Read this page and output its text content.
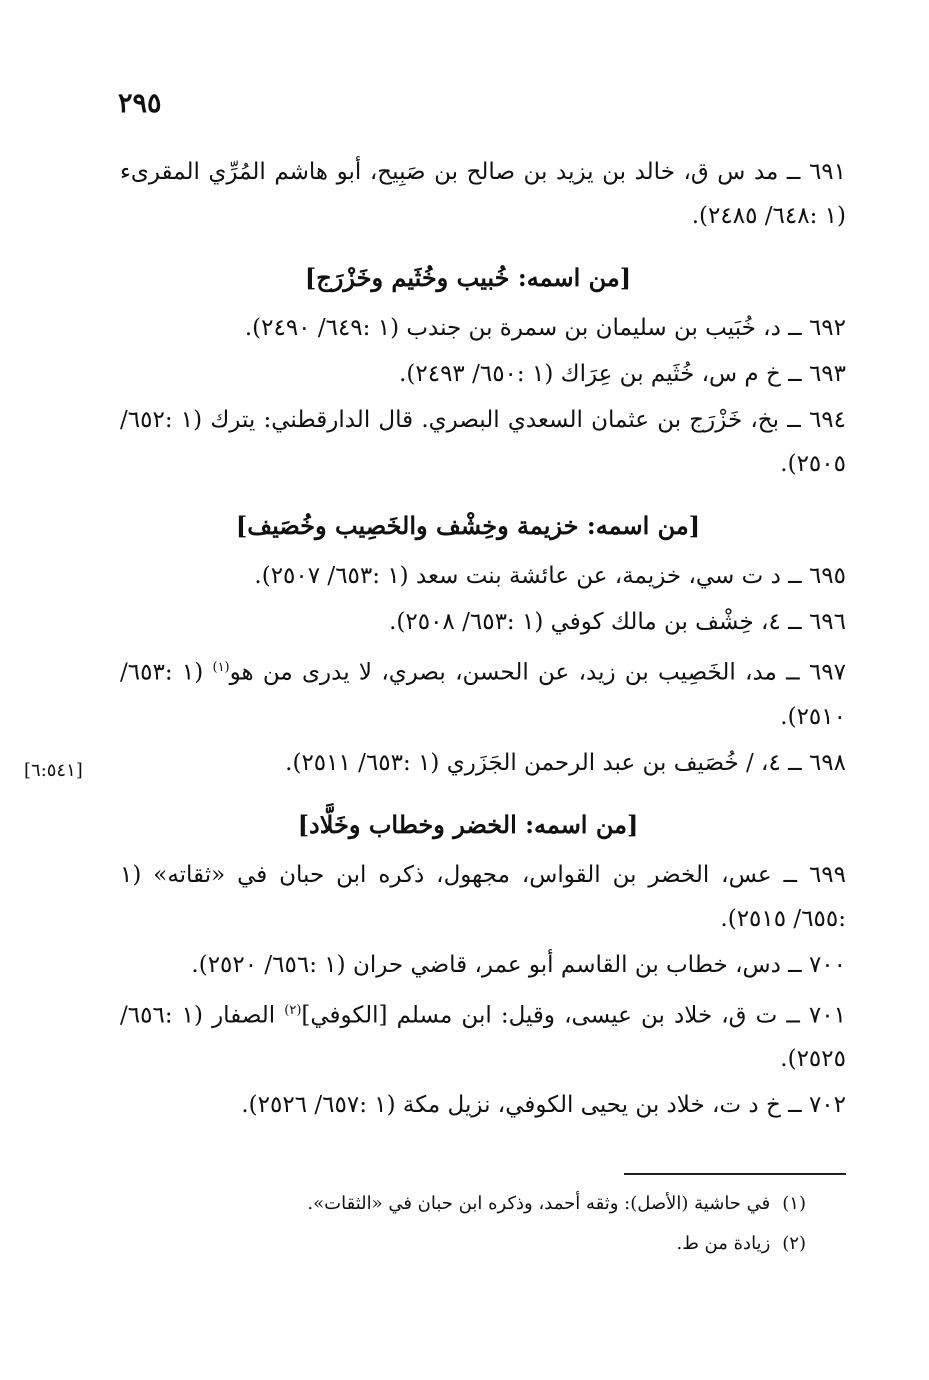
٢٩٥

٦٩١ ــ مد س ق، خالد بن يزيد بن صالح بن صَبِيح، أبو هاشم المُرِّي المقرىء (١ :٦٤٨/ ٢٤٨٥).

[من اسمه: خُبيب وخُثَيم وخَزْرَج]

٦٩٢ ــ د، خُبَيب بن سليمان بن سمرة بن جندب (١ :٦٤٩/ ٢٤٩٠).

٦٩٣ ــ خ م س، خُثَيم بن عِرَاك (١ :٦٥٠/ ٢٤٩٣).

٦٩٤ ــ بخ، خَزْرَج بن عثمان السعدي البصري. قال الدارقطني: يترك (١ :٦٥٢/ ٢٥٠٥).

[من اسمه: خزيمة وخِشْف والخَصِيب وخُصَيف]

٦٩٥ ــ د ت سي، خزيمة، عن عائشة بنت سعد (١ :٦٥٣/ ٢٥٠٧).

٦٩٦ ــ ٤، خِشْف بن مالك كوفي (١ :٦٥٣/ ٢٥٠٨).

٦٩٧ ــ مد، الخَصِيب بن زيد، عن الحسن، بصري، لا يدرى من هو$^{(١)}$ (١ :٦٥٣/ ٢٥١٠).

٦٩٨ ــ ٤، / خُصَيف بن عبد الرحمن الجَزَري (١ :٦٥٣/ ٢٥١١).

[من اسمه: الخضر وخطاب وخَلَّاد]

٦٩٩ ــ عس، الخضر بن القواس، مجهول، ذكره ابن حبان في «ثقاته» (١ :٦٥٥/ ٢٥١٥).

٧٠٠ ــ دس، خطاب بن القاسم أبو عمر، قاضي حران (١ :٦٥٦/ ٢٥٢٠).

٧٠١ ــ ت ق، خلاد بن عيسى، وقيل: ابن مسلم [الكوفي]$^{(٢)}$ الصفار (١ :٦٥٦/ ٢٥٢٥).

٧٠٢ ــ خ د ت، خلاد بن يحيى الكوفي، نزيل مكة (١ :٦٥٧/ ٢٥٢٦).

[٦:٥٤١]
(١)في حاشية (الأصل): وثقه أحمد، وذكره ابن حبان في «الثقات».
(٢)زيادة من ط.
